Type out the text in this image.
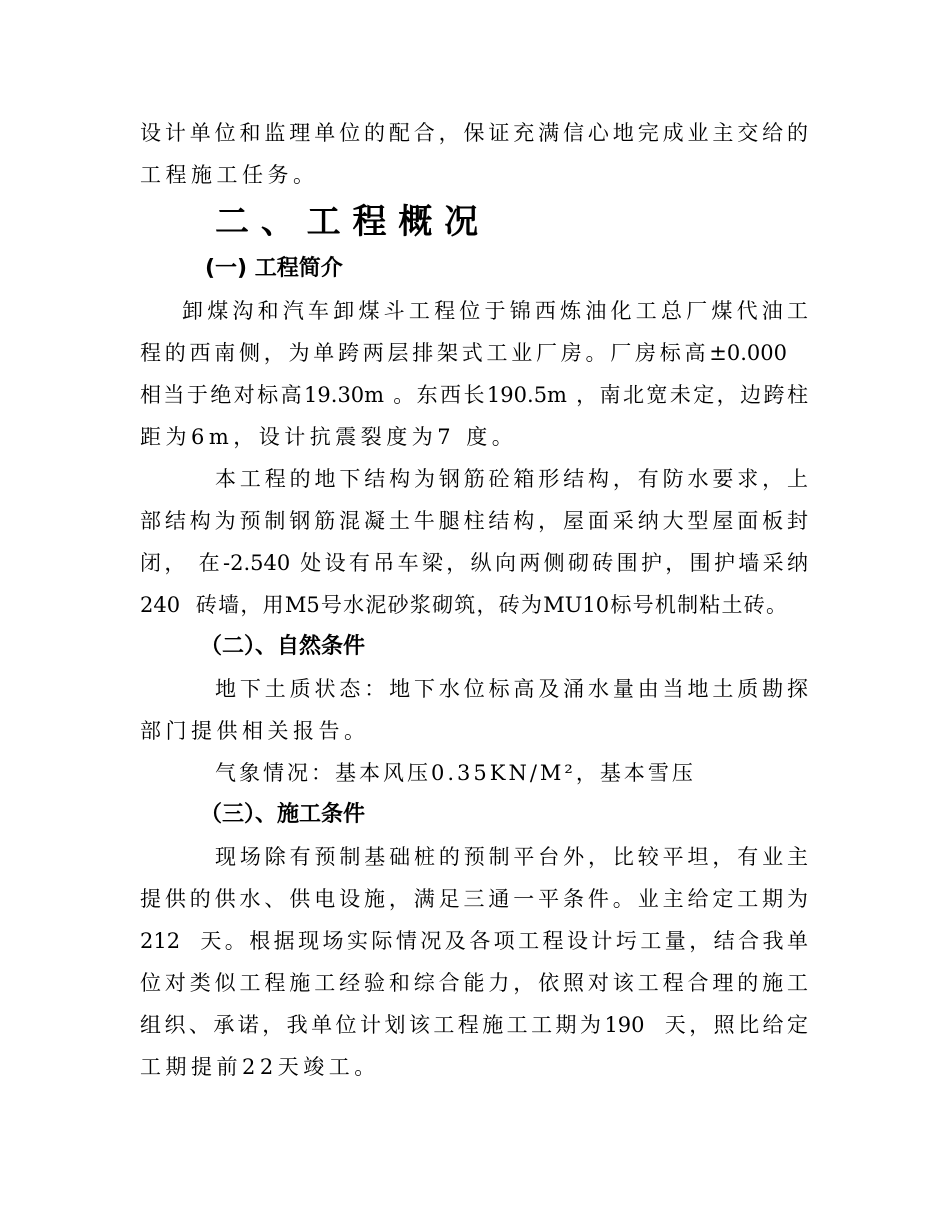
设计单位和监理单位的配合，保证充满信心地完成业主交给的
工程施工任务。
二 、 工 程 概 况
(一) 工程简介
卸煤沟和汽车卸煤斗工程位于锦西炼油化工总厂煤代油工
程的西南侧，为单跨两层排架式工业厂房。厂房标高±0.000
相当于绝对标高19.30m 。东西长190.5m ，南北宽未定，边跨柱
距为6m，设计抗震裂度为7 度。
本工程的地下结构为钢筋砼箱形结构，有防水要求，上
部结构为预制钢筋混凝土牛腿柱结构，屋面采纳大型屋面板封
闭， 在-2.540 处设有吊车梁，纵向两侧砌砖围护，围护墙采纳
240  砖墙，用M5号水泥砂浆砌筑，砖为MU10标号机制粘土砖。
（二）、自然条件
地下土质状态：地下水位标高及涌水量由当地土质勘探
部门提供相关报告。
气象情况：基本风压0.35KN/M²，基本雪压
（三）、施工条件
现场除有预制基础桩的预制平台外，比较平坦，有业主
提供的供水、供电设施，满足三通一平条件。业主给定工期为
212  天。根据现场实际情况及各项工程设计圬工量，结合我单
位对类似工程施工经验和综合能力，依照对该工程合理的施工
组织、承诺，我单位计划该工程施工工期为190  天，照比给定
工期提前22天竣工。
